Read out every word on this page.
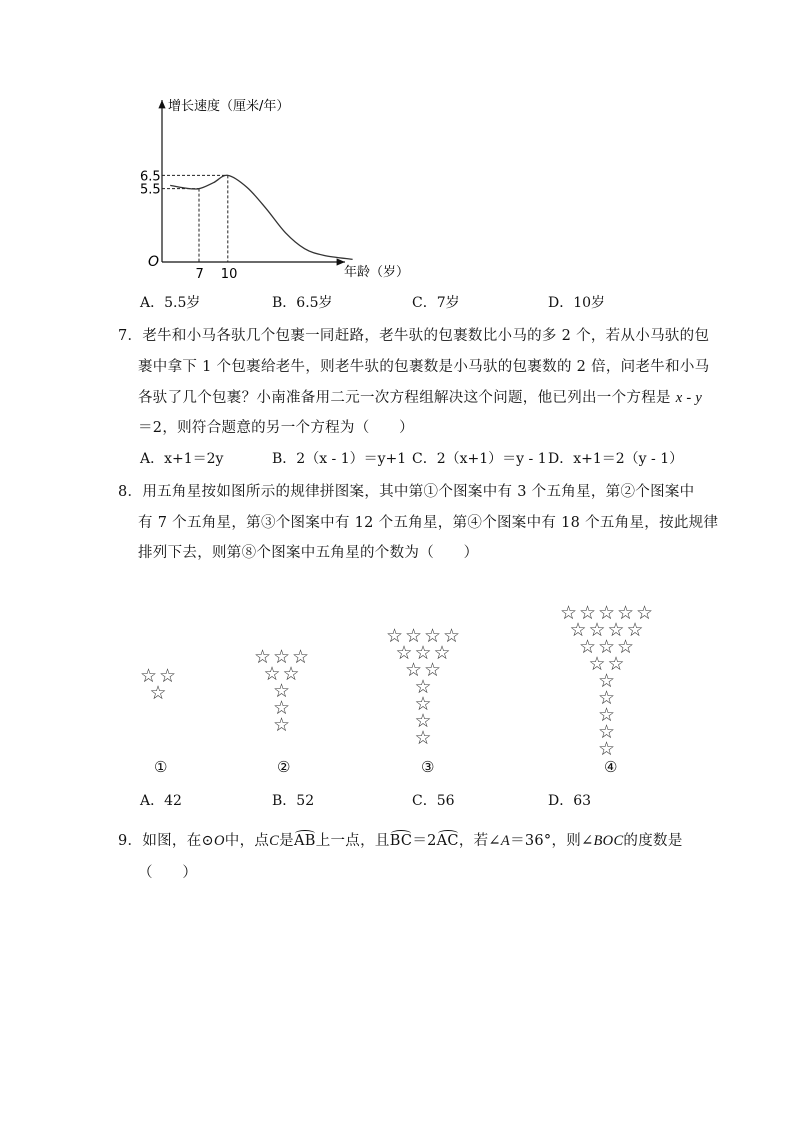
增长速度（厘米/年）
年龄（岁）
O
6.5
5.5
7 10
A．5.5岁	B．6.5岁	C．7岁	D．10岁
7．老牛和小马各驮几个包裹一同赶路，老牛驮的包裹数比小马的多 2 个，若从小马驮的包
裹中拿下 1 个包裹给老牛，则老牛驮的包裹数是小马驮的包裹数的 2 倍，问老牛和小马
各驮了几个包裹？小南准备用二元一次方程组解决这个问题，他已列出一个方程是 x - y
＝2，则符合题意的另一个方程为（　　）
A．x+1＝2y	B．2（x - 1）＝y+1 C．2（x+1）＝y - 1 D．x+1＝2（y - 1）
8．用五角星按如图所示的规律拼图案，其中第①个图案中有 3 个五角星，第②个图案中
有 7 个五角星，第③个图案中有 12 个五角星，第④个图案中有 18 个五角星，按此规律
排列下去，则第⑧个图案中五角星的个数为（　　）
☆ ☆
☆
☆ ☆ ☆
☆ ☆
☆
☆
☆
☆ ☆ ☆ ☆
☆ ☆ ☆
☆ ☆
☆
☆
☆
☆
☆ ☆ ☆ ☆ ☆
☆ ☆ ☆ ☆
☆ ☆ ☆
☆ ☆
☆
☆
☆
☆
☆
①	②	③	④
A．42	B．52	C．56	D．63
9．如图，在⊙O中，点C是AB上一点，且BC＝2AC，若∠A＝36°，则∠BOC的度数是
（　　）
